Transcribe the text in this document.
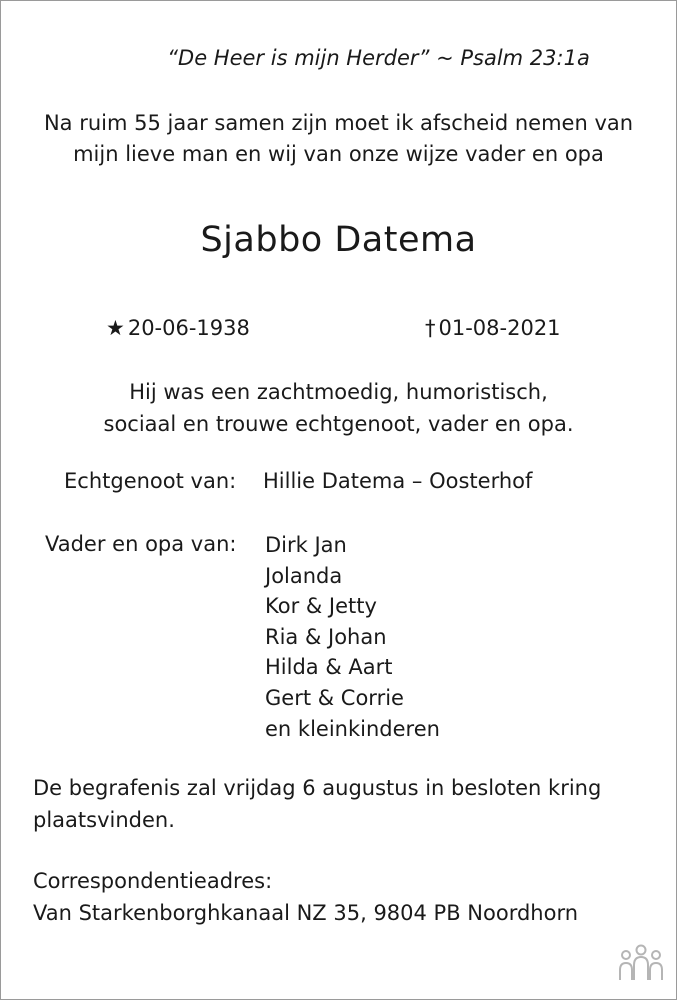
“De Heer is mijn Herder” ~ Psalm 23:1a
Na ruim 55 jaar samen zijn moet ik afscheid nemen van
mijn lieve man en wij van onze wijze vader en opa
Sjabbo Datema
★ 20-06-1938	† 01-08-2021
Hij was een zachtmoedig, humoristisch,
sociaal en trouwe echtgenoot, vader en opa.
Echtgenoot van: Hillie Datema – Oosterhof
Vader en opa van: Dirk Jan
Jolanda
Kor & Jetty
Ria & Johan
Hilda & Aart
Gert & Corrie
en kleinkinderen
De begrafenis zal vrijdag 6 augustus in besloten kring
plaatsvinden.
Correspondentieadres:
Van Starkenborghkanaal NZ 35, 9804 PB Noordhorn
